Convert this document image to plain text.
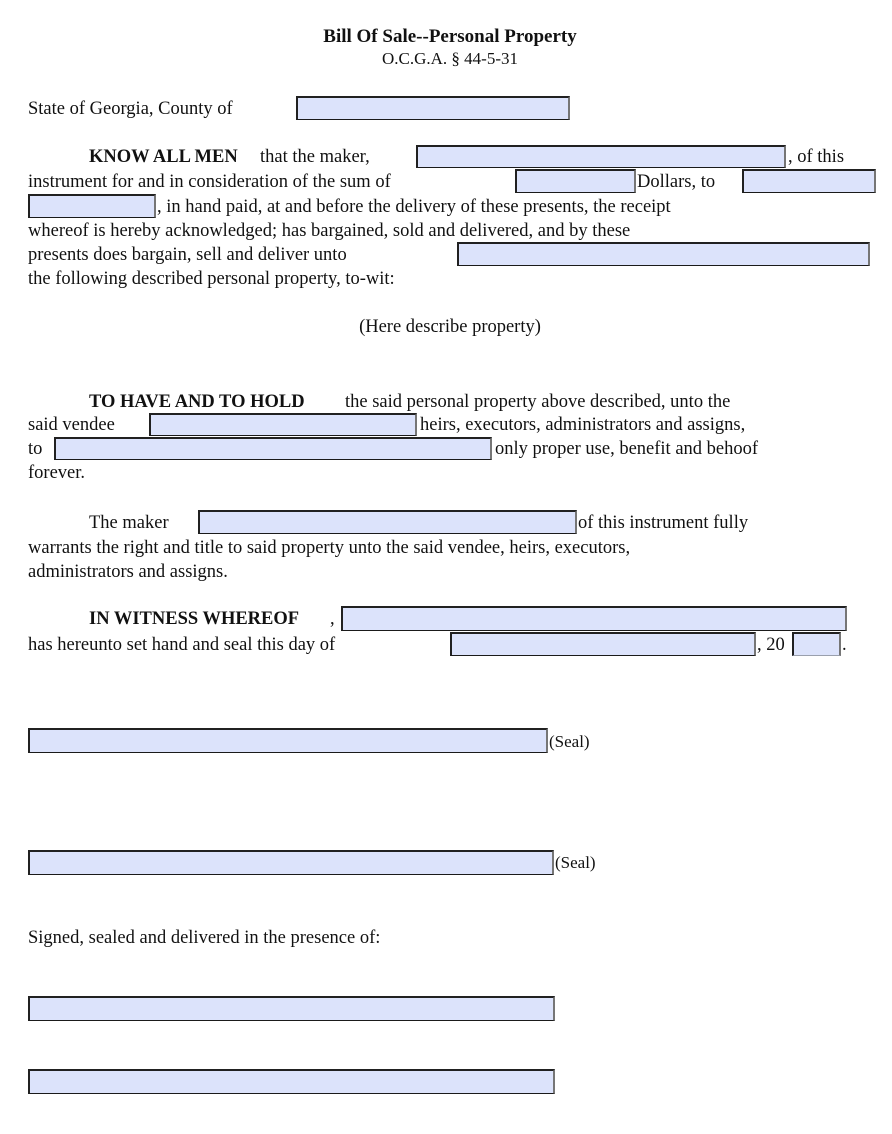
Bill Of Sale--Personal Property
O.C.G.A. § 44-5-31
State of Georgia, County of
KNOW ALL MEN that the maker,	, of this
instrument for and in consideration of the sum of	Dollars, to
, in hand paid, at and before the delivery of these presents, the receipt
whereof is hereby acknowledged; has bargained, sold and delivered, and by these
presents does bargain, sell and deliver unto
the following described personal property, to-wit:
(Here describe property)
TO HAVE AND TO HOLD the said personal property above described, unto the
said vendee	heirs, executors, administrators and assigns,
to	only proper use, benefit and behoof
forever.
The maker	of this instrument fully
warrants the right and title to said property unto the said vendee, heirs, executors,
administrators and assigns.
IN WITNESS WHEREOF ,
has hereunto set hand and seal this day of	, 20	.
(Seal)
(Seal)
Signed, sealed and delivered in the presence of:
